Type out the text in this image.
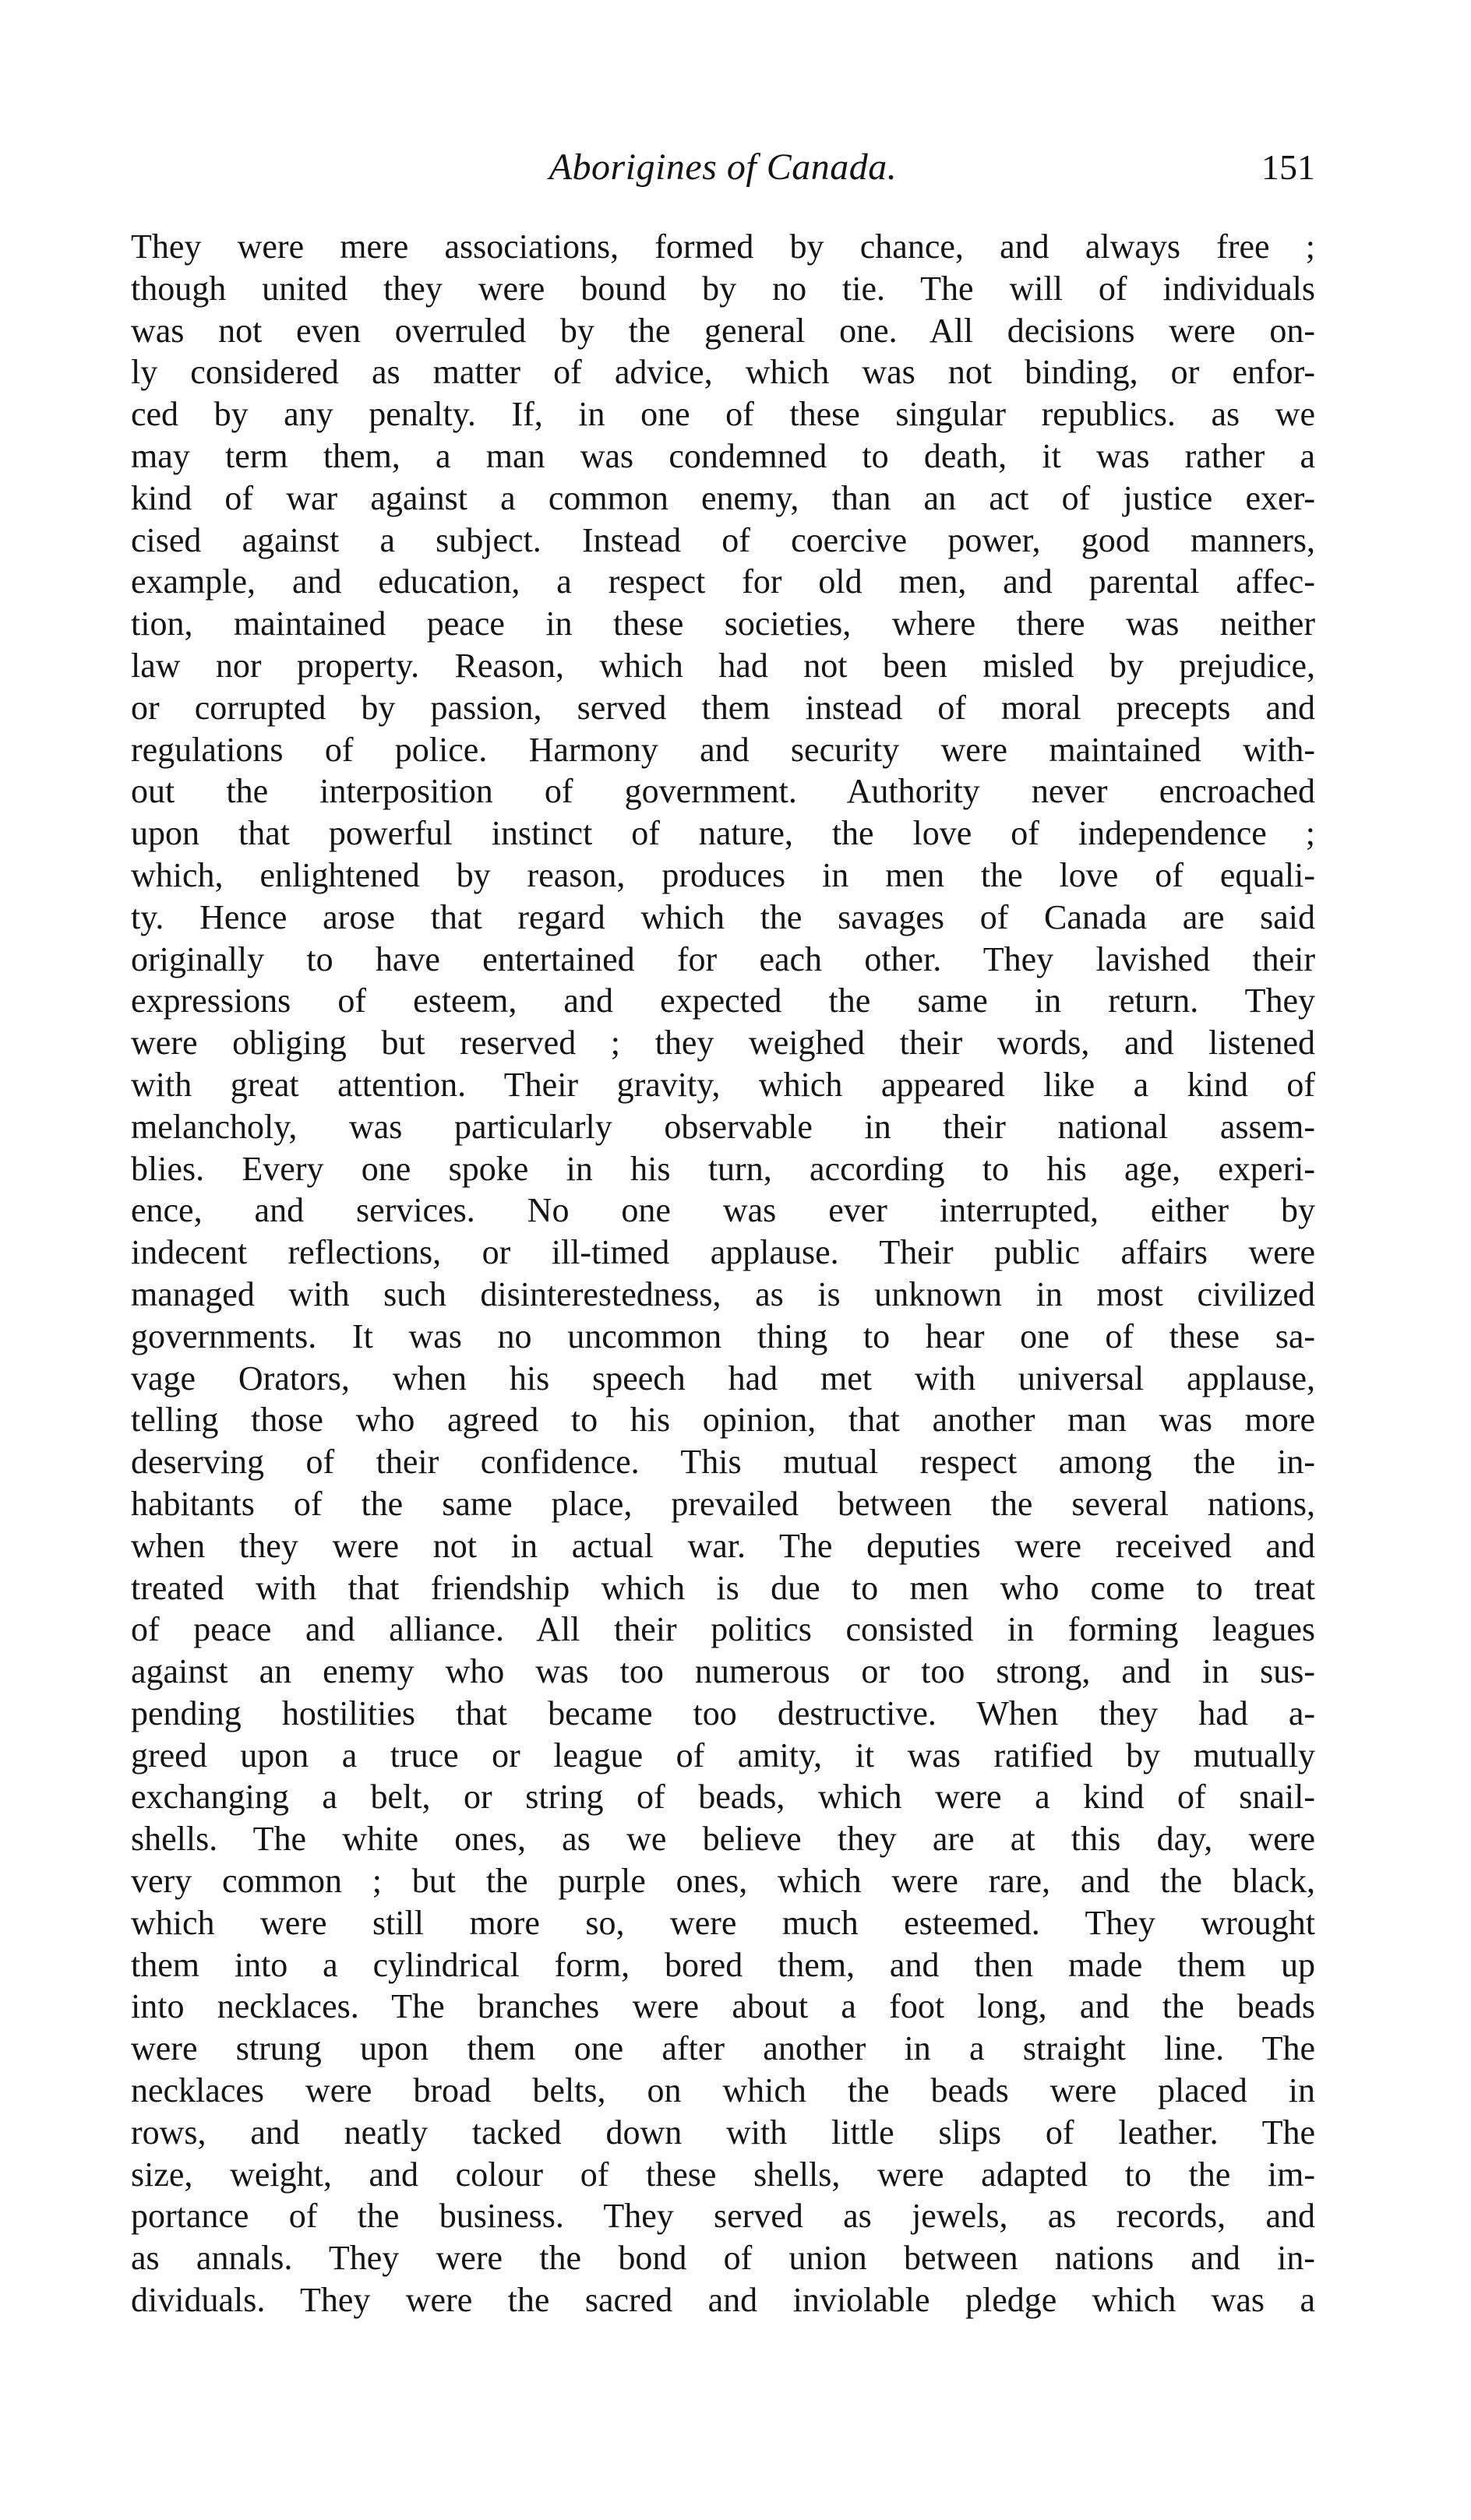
Aborigines of Canada.	151
They were mere associations, formed by chance, and always free ;
though united they were bound by no tie. The will of individuals
was not even overruled by the general one. All decisions were on-
ly considered as matter of advice, which was not binding, or enfor-
ced by any penalty. If, in one of these singular republics. as we
may term them, a man was condemned to death, it was rather a
kind of war against a common enemy, than an act of justice exer-
cised against a subject. Instead of coercive power, good manners,
example, and education, a respect for old men, and parental affec-
tion, maintained peace in these societies, where there was neither
law nor property. Reason, which had not been misled by prejudice,
or corrupted by passion, served them instead of moral precepts and
regulations of police. Harmony and security were maintained with-
out the interposition of government. Authority never encroached
upon that powerful instinct of nature, the love of independence ;
which, enlightened by reason, produces in men the love of equali-
ty. Hence arose that regard which the savages of Canada are said
originally to have entertained for each other. They lavished their
expressions of esteem, and expected the same in return. They
were obliging but reserved ; they weighed their words, and listened
with great attention. Their gravity, which appeared like a kind of
melancholy, was particularly observable in their national assem-
blies. Every one spoke in his turn, according to his age, experi-
ence, and services. No one was ever interrupted, either by
indecent reflections, or ill-timed applause. Their public affairs were
managed with such disinterestedness, as is unknown in most civilized
governments. It was no uncommon thing to hear one of these sa-
vage Orators, when his speech had met with universal applause,
telling those who agreed to his opinion, that another man was more
deserving of their confidence. This mutual respect among the in-
habitants of the same place, prevailed between the several nations,
when they were not in actual war. The deputies were received and
treated with that friendship which is due to men who come to treat
of peace and alliance. All their politics consisted in forming leagues
against an enemy who was too numerous or too strong, and in sus-
pending hostilities that became too destructive. When they had a-
greed upon a truce or league of amity, it was ratified by mutually
exchanging a belt, or string of beads, which were a kind of snail-
shells. The white ones, as we believe they are at this day, were
very common ; but the purple ones, which were rare, and the black,
which were still more so, were much esteemed. They wrought
them into a cylindrical form, bored them, and then made them up
into necklaces. The branches were about a foot long, and the beads
were strung upon them one after another in a straight line. The
necklaces were broad belts, on which the beads were placed in
rows, and neatly tacked down with little slips of leather. The
size, weight, and colour of these shells, were adapted to the im-
portance of the business. They served as jewels, as records, and
as annals. They were the bond of union between nations and in-
dividuals. They were the sacred and inviolable pledge which was a
